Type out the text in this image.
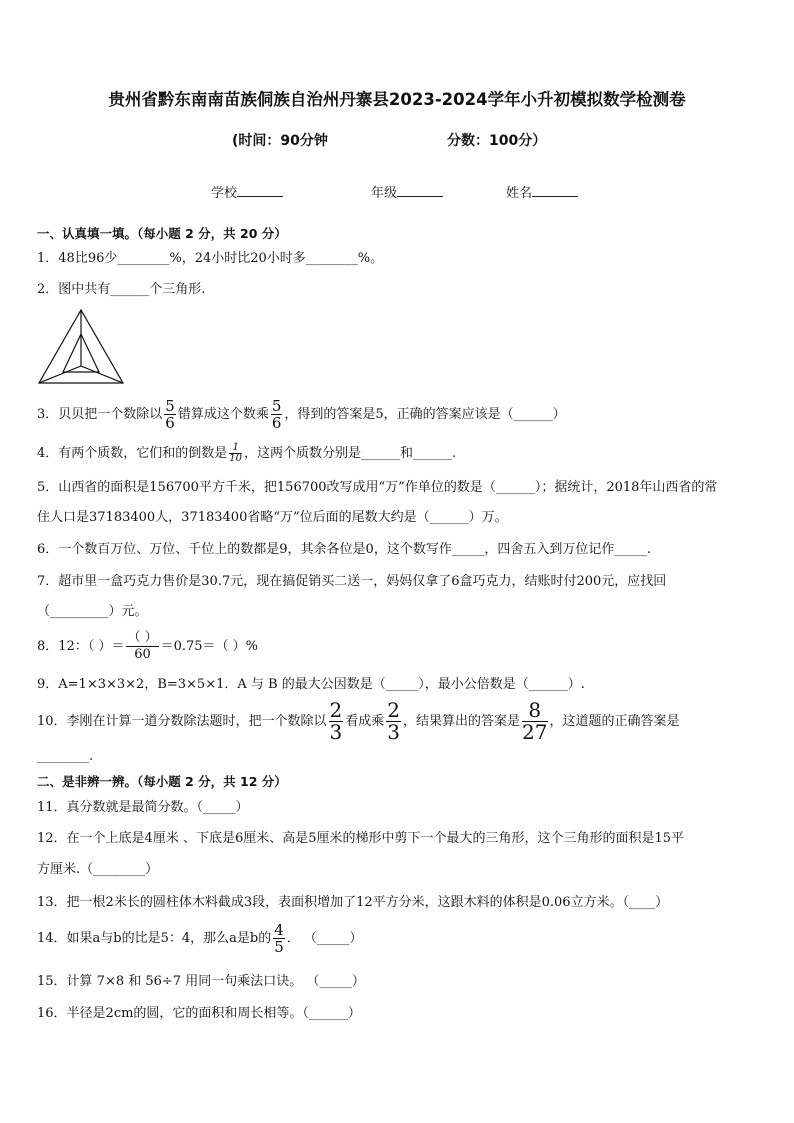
贵州省黔东南南苗族侗族自治州丹寨县2023-2024学年小升初模拟数学检测卷
(时间：90分钟	分数：100分）
学校	年级	姓名
一、认真填一填。（每小题 2 分，共 20 分）
1．48比96少________%，24小时比20小时多________%。
2．图中共有______个三角形.
3．贝贝把一个数除以 $\frac{5}{6}$ 错算成这个数乘 $\frac{5}{6}$ ，得到的答案是5，正确的答案应该是（______）
4．有两个质数，它们和的倒数是 $\frac{1}{10}$ ，这两个质数分别是______和______.
5．山西省的面积是156700平方千米，把156700改写成用“万”作单位的数是（______）；据统计，2018年山西省的常
住人口是37183400人，37183400省略“万”位后面的尾数大约是（______）万。
6．一个数百万位、万位、千位上的数都是9，其余各位是0，这个数写作_____，四舍五入到万位记作_____.
7．超市里一盒巧克力售价是30.7元，现在搞促销买二送一，妈妈仅拿了6盒巧克力，结账时付200元，应找回
（_________）元。
8．12：（ ）＝ $\frac{( )}{60} =0.75=$（ ）%
9．A=1×3×3×2，B=3×5×1．A 与 B 的最大公因数是（_____），最小公倍数是（______）.
10．李刚在计算一道分数除法题时，把一个数除以 $\frac{2}{3}$ 看成乘 $\frac{2}{3}$ ，结果算出的答案是 $\frac{8}{27}$ ，这道题的正确答案是
________.
二、是非辨一辨。（每小题 2 分，共 12 分）
11．真分数就是最简分数。（_____）
12．在一个上底是4厘米 、下底是6厘米、高是5厘米的梯形中剪下一个最大的三角形，这个三角形的面积是15平
方厘米.（________）
13．把一根2米长的圆柱体木料截成3段，表面积增加了12平方分米，这跟木料的体积是0.06立方米。（____）
14．如果a与b的比是5：4，那么a是b的 $\frac{4}{5}$ ． （_____）
15．计算 7×8 和 56÷7 用同一句乘法口诀。 （_____）
16．半径是2cm的圆，它的面积和周长相等。（______）
